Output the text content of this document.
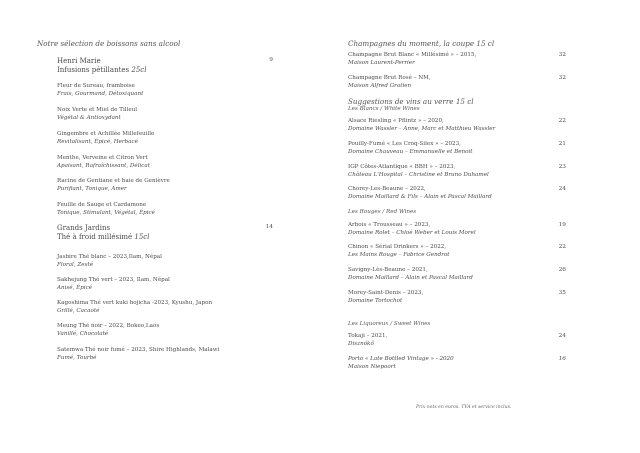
Notre sélection de boissons sans alcool
Henri Marie
Infusions pétillantes 25cl
9
Fleur de Sureau, framboise
Frais, Gourmand, Détoxiquant
Noix Verte et Miel de Tilleul
Végétal & Antioxydant
Gingembre et Achillée Millefeuille
Revitalisant, Épicé, Herbacé
Menthe, Verveine et Citron Vert
Apaisant, Rafraîchissant, Délicat
Racine de Gentiane et baie de Genièvre
Purifiant, Tonique, Amer
Feuille de Sauge et Cardamone
Tonique, Stimulant, Végétal, Épicé
Grands Jardins
Thé à froid millésimé 15cl
14
Jasbire Thé blanc – 2023,Ilam, Népal
Floral, Zesté
Sakhejung Thé vert – 2023, Ilam, Népal
Anisé, Épicé
Kagoshima Thé vert kuki hojicha -2023, Kyushu, Japon
Grillé, Cacaoté
Meung Thé noir – 2022, Bokeo,Laos
Vanillé, Chocolaté
Satemwa Thé noir fumé – 2023, Shire Highlands, Malawi
Fumé, Tourbé
Champagnes du moment, la coupe 15 cl
Suggestions de vins au verre 15 cl
Les Blancs / White Wines
Les Rouges / Red Wines
Les Liquoreux / Sweet Wines
Champagne Brut Blanc « Millésimé » – 2015,
Maison Laurent-Perrier
32
Champagne Brut Rosé – NM,
Maison Alfred Gratien
32
Alsace Riesling « Pflintz » – 2020,
Domaine Wassler – Anne, Marc et Matthieu Wassler
22
Pouilly-Fumé « Les Croq-Silex » – 2023,
Domaine Chauveau – Emmanuelle et Benoit
21
IGP Côtes-Atlantique « BBH » – 2023,
Château L'Hospital – Christine et Bruno Duhamel
23
Chorey-Les-Beaune – 2022,
Domaine Maillard & Fils – Alain et Pascal Maillard
24
Arbois « Trousseau » – 2023,
Domaine Rolet – Chloé Weber et Louis Morel
19
Chinon « Sérial Drinkers » – 2022,
Les Mains Rouge – Fabrice Gendrot
22
Savigny-Lès-Beaune – 2021,
Domaine Maillard – Alain et Pascal Maillard
26
Morey-Saint-Denis – 2023,
Domaine Tortochot
35
Tokaji – 2021,
Disznókő
24
Porto « Late Bottled Vintage » - 2020
Maison Niepoort
16
Prix nets en euros. TVA et service inclus.
